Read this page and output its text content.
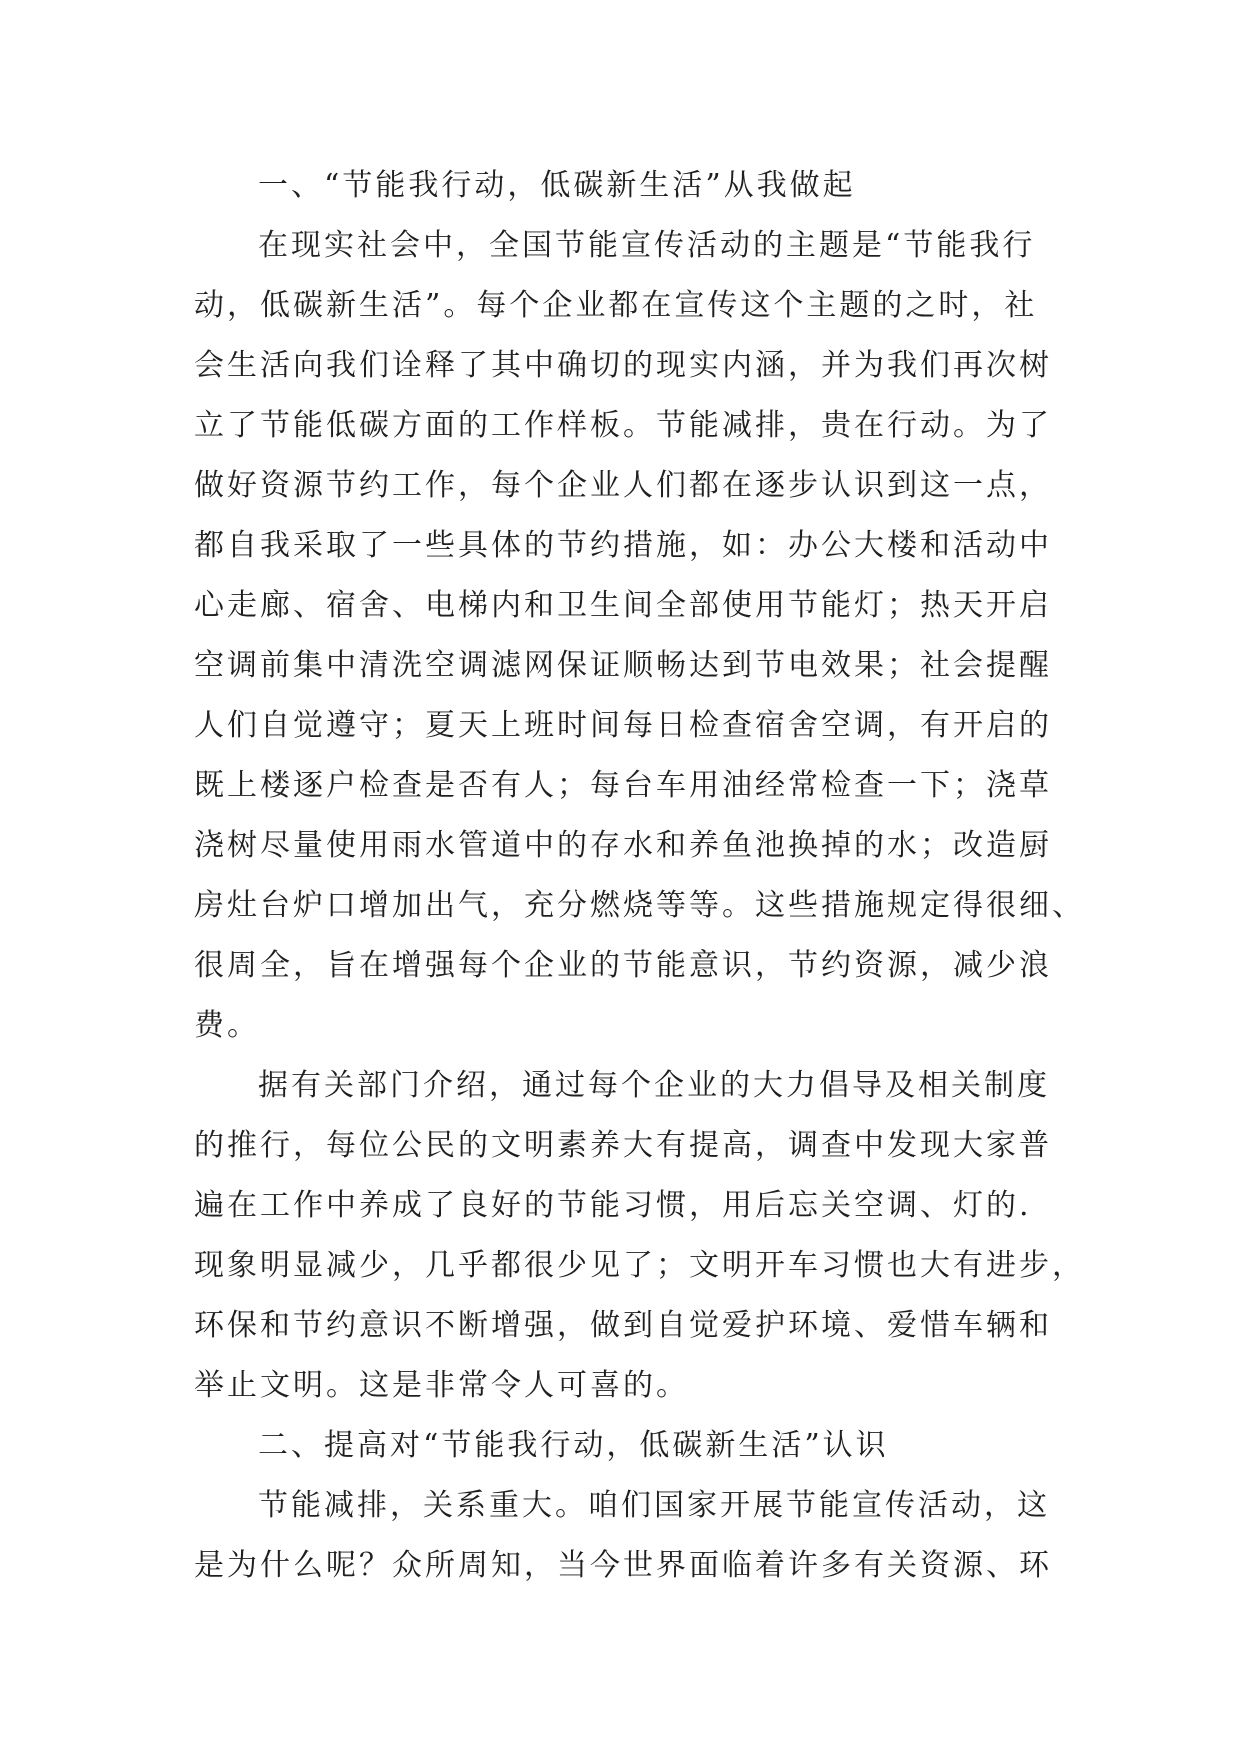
一、“节能我行动，低碳新生活”从我做起
在现实社会中，全国节能宣传活动的主题是“节能我行
动，低碳新生活”。每个企业都在宣传这个主题的之时，社
会生活向我们诠释了其中确切的现实内涵，并为我们再次树
立了节能低碳方面的工作样板。节能减排，贵在行动。为了
做好资源节约工作，每个企业人们都在逐步认识到这一点，
都自我采取了一些具体的节约措施，如：办公大楼和活动中
心走廊、宿舍、电梯内和卫生间全部使用节能灯；热天开启
空调前集中清洗空调滤网保证顺畅达到节电效果；社会提醒
人们自觉遵守；夏天上班时间每日检查宿舍空调，有开启的
既上楼逐户检查是否有人；每台车用油经常检查一下；浇草
浇树尽量使用雨水管道中的存水和养鱼池换掉的水；改造厨
房灶台炉口增加出气，充分燃烧等等。这些措施规定得很细、
很周全，旨在增强每个企业的节能意识，节约资源，减少浪
费。
据有关部门介绍，通过每个企业的大力倡导及相关制度
的推行，每位公民的文明素养大有提高，调查中发现大家普
遍在工作中养成了良好的节能习惯，用后忘关空调、灯的.
现象明显减少，几乎都很少见了；文明开车习惯也大有进步，
环保和节约意识不断增强，做到自觉爱护环境、爱惜车辆和
举止文明。这是非常令人可喜的。
二、提高对“节能我行动，低碳新生活”认识
节能减排，关系重大。咱们国家开展节能宣传活动，这
是为什么呢？众所周知，当今世界面临着许多有关资源、环
